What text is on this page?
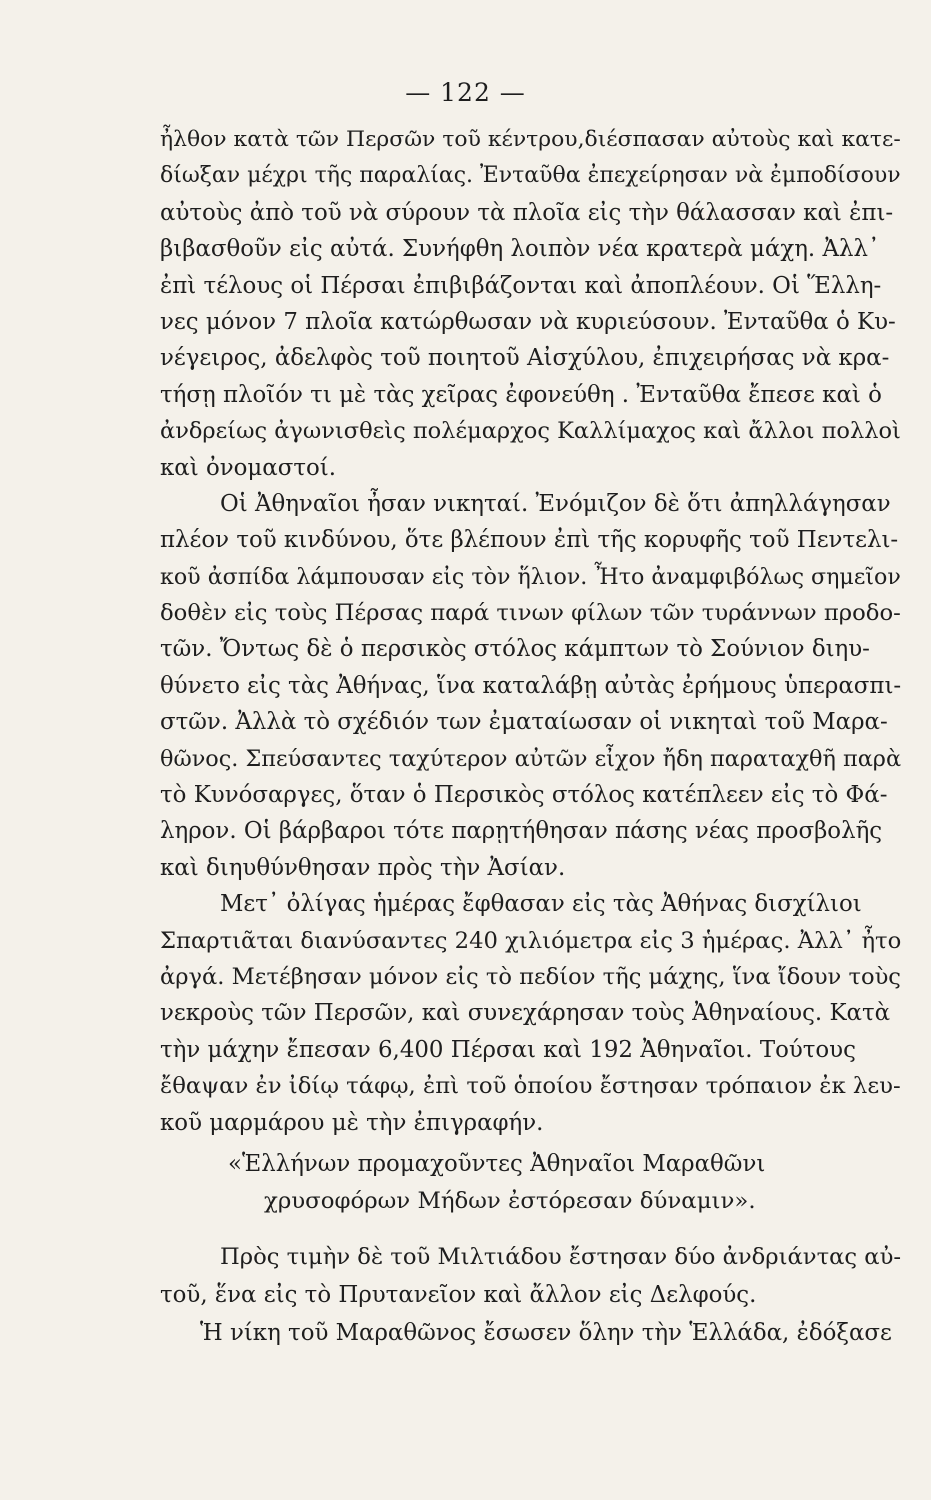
— 122 —
ἦλθον κατὰ τῶν Περσῶν τοῦ κέντρου,διέσπασαν αὐτοὺς καὶ κατε-
δίωξαν μέχρι τῆς παραλίας. Ἐνταῦθα ἐπεχείρησαν νὰ ἐμποδίσουν
αὐτοὺς ἀπὸ τοῦ νὰ σύρουν τὰ πλοῖα εἰς τὴν θάλασσαν καὶ ἐπι-
βιβασθοῦν εἰς αὐτά. Συνήφθη λοιπὸν νέα κρατερὰ μάχη. Ἀλλ᾽
ἐπὶ τέλους οἱ Πέρσαι ἐπιβιβάζονται καὶ ἀποπλέουν. Οἱ Ἕλλη-
νες μόνον 7 πλοῖα κατώρθωσαν νὰ κυριεύσουν. Ἐνταῦθα ὁ Κυ-
νέγειρος, ἀδελφὸς τοῦ ποιητοῦ Αἰσχύλου, ἐπιχειρήσας νὰ κρα-
τήσῃ πλοῖόν τι μὲ τὰς χεῖρας ἐφονεύθη . Ἐνταῦθα ἔπεσε καὶ ὁ
ἀνδρείως ἀγωνισθεὶς πολέμαρχος Καλλίμαχος καὶ ἄλλοι πολλοὶ
καὶ ὀνομαστοί.
Οἱ Ἀθηναῖοι ἦσαν νικηταί. Ἐνόμιζον δὲ ὅτι ἀπηλλάγησαν
πλέον τοῦ κινδύνου, ὅτε βλέπουν ἐπὶ τῆς κορυφῆς τοῦ Πεντελι-
κοῦ ἀσπίδα λάμπουσαν εἰς τὸν ἥλιον. Ἦτο ἀναμφιβόλως σημεῖον
δοθὲν εἰς τοὺς Πέρσας παρά τινων φίλων τῶν τυράννων προδο-
τῶν. Ὄντως δὲ ὁ περσικὸς στόλος κάμπτων τὸ Σούνιον διηυ-
θύνετο εἰς τὰς Ἀθήνας, ἵνα καταλάβῃ αὐτὰς ἐρήμους ὑπερασπι-
στῶν. Ἀλλὰ τὸ σχέδιόν των ἐματαίωσαν οἱ νικηταὶ τοῦ Μαρα-
θῶνος. Σπεύσαντες ταχύτερον αὐτῶν εἶχον ἤδη παραταχθῆ παρὰ
τὸ Κυνόσαργες, ὅταν ὁ Περσικὸς στόλος κατέπλεεν εἰς τὸ Φά-
ληρον. Οἱ βάρβαροι τότε παρῃτήθησαν πάσης νέας προσβολῆς
καὶ διηυθύνθησαν πρὸς τὴν Ἀσίαν.
Μετ᾽ ὀλίγας ἡμέρας ἔφθασαν εἰς τὰς Ἀθήνας δισχίλιοι
Σπαρτιᾶται διανύσαντες 240 χιλιόμετρα εἰς 3 ἡμέρας. Ἀλλ᾽ ἦτο
ἀργά. Μετέβησαν μόνον εἰς τὸ πεδίον τῆς μάχης, ἵνα ἴδουν τοὺς
νεκροὺς τῶν Περσῶν, καὶ συνεχάρησαν τοὺς Ἀθηναίους. Κατὰ
τὴν μάχην ἔπεσαν 6,400 Πέρσαι καὶ 192 Ἀθηναῖοι. Τούτους
ἔθαψαν ἐν ἰδίῳ τάφῳ, ἐπὶ τοῦ ὁποίου ἔστησαν τρόπαιον ἐκ λευ-
κοῦ μαρμάρου μὲ τὴν ἐπιγραφήν.
«Ἑλλήνων προμαχοῦντες Ἀθηναῖοι Μαραθῶνι
χρυσοφόρων Μήδων ἐστόρεσαν δύναμιν».
Πρὸς τιμὴν δὲ τοῦ Μιλτιάδου ἔστησαν δύο ἀνδριάντας αὐ-
τοῦ, ἕνα εἰς τὸ Πρυτανεῖον καὶ ἄλλον εἰς Δελφούς.
Ἡ νίκη τοῦ Μαραθῶνος ἔσωσεν ὅλην τὴν Ἑλλάδα, ἐδόξασε
